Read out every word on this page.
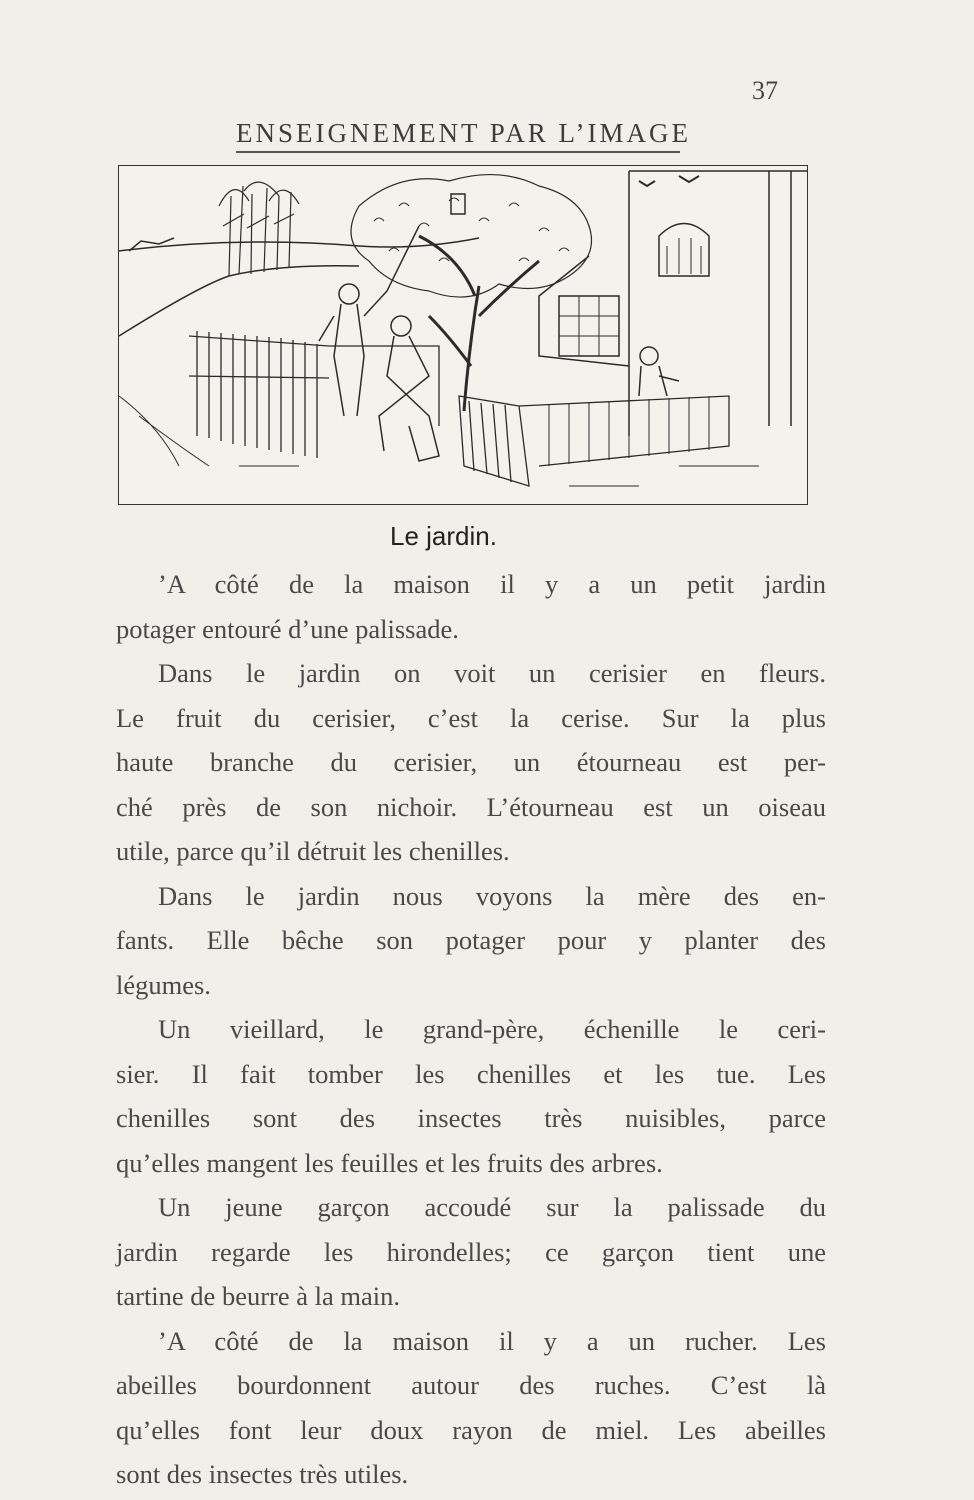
37
ENSEIGNEMENT PAR L’IMAGE
Le jardin.
’A côté de la maison il y a un petit jardin
potager entouré d’une palissade.
Dans le jardin on voit un cerisier en fleurs.
Le fruit du cerisier, c’est la cerise. Sur la plus
haute branche du cerisier, un étourneau est per-
ché près de son nichoir. L’étourneau est un oiseau
utile, parce qu’il détruit les chenilles.
Dans le jardin nous voyons la mère des en-
fants. Elle bêche son potager pour y planter des
légumes.
Un vieillard, le grand-père, échenille le ceri-
sier. Il fait tomber les chenilles et les tue. Les
chenilles sont des insectes très nuisibles, parce
qu’elles mangent les feuilles et les fruits des arbres.
Un jeune garçon accoudé sur la palissade du
jardin regarde les hirondelles; ce garçon tient une
tartine de beurre à la main.
’A côté de la maison il y a un rucher. Les
abeilles bourdonnent autour des ruches. C’est là
qu’elles font leur doux rayon de miel. Les abeilles
sont des insectes très utiles.
